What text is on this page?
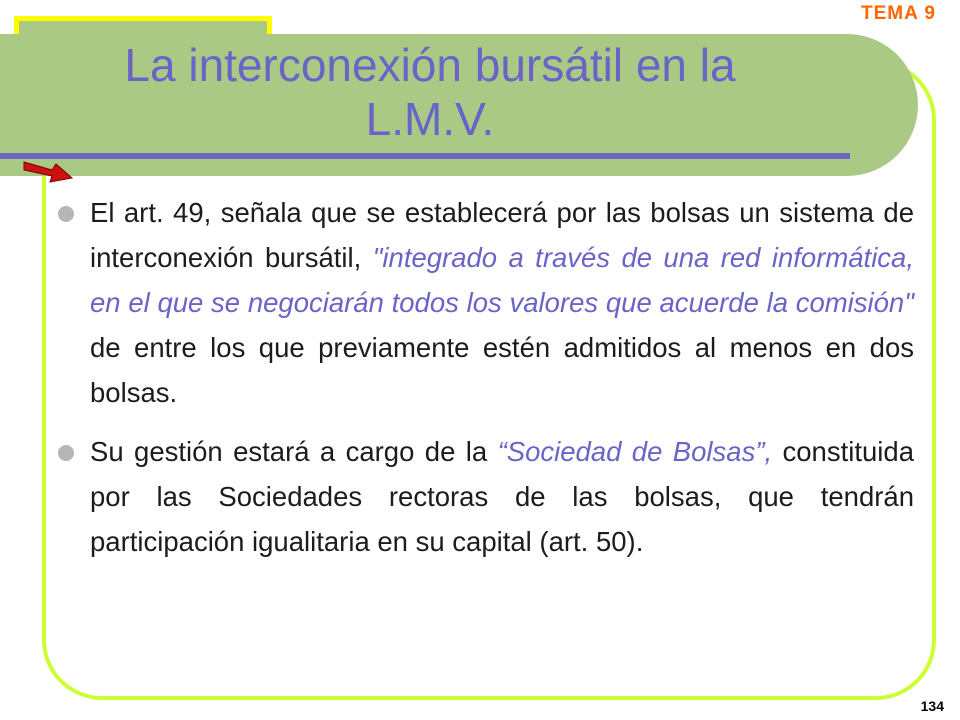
La interconexión bursátil en la
L.M.V.
TEMA 9
El art. 49, señala que se establecerá por las bolsas un sistema de interconexión bursátil, "integrado a través de una red informática, en el que se negociarán todos los valores que acuerde la comisión" de entre los que previamente estén admitidos al menos en dos bolsas.
Su gestión estará a cargo de la “Sociedad de Bolsas”, constituida por las Sociedades rectoras de las bolsas, que tendrán participación igualitaria en su capital (art. 50).
134
